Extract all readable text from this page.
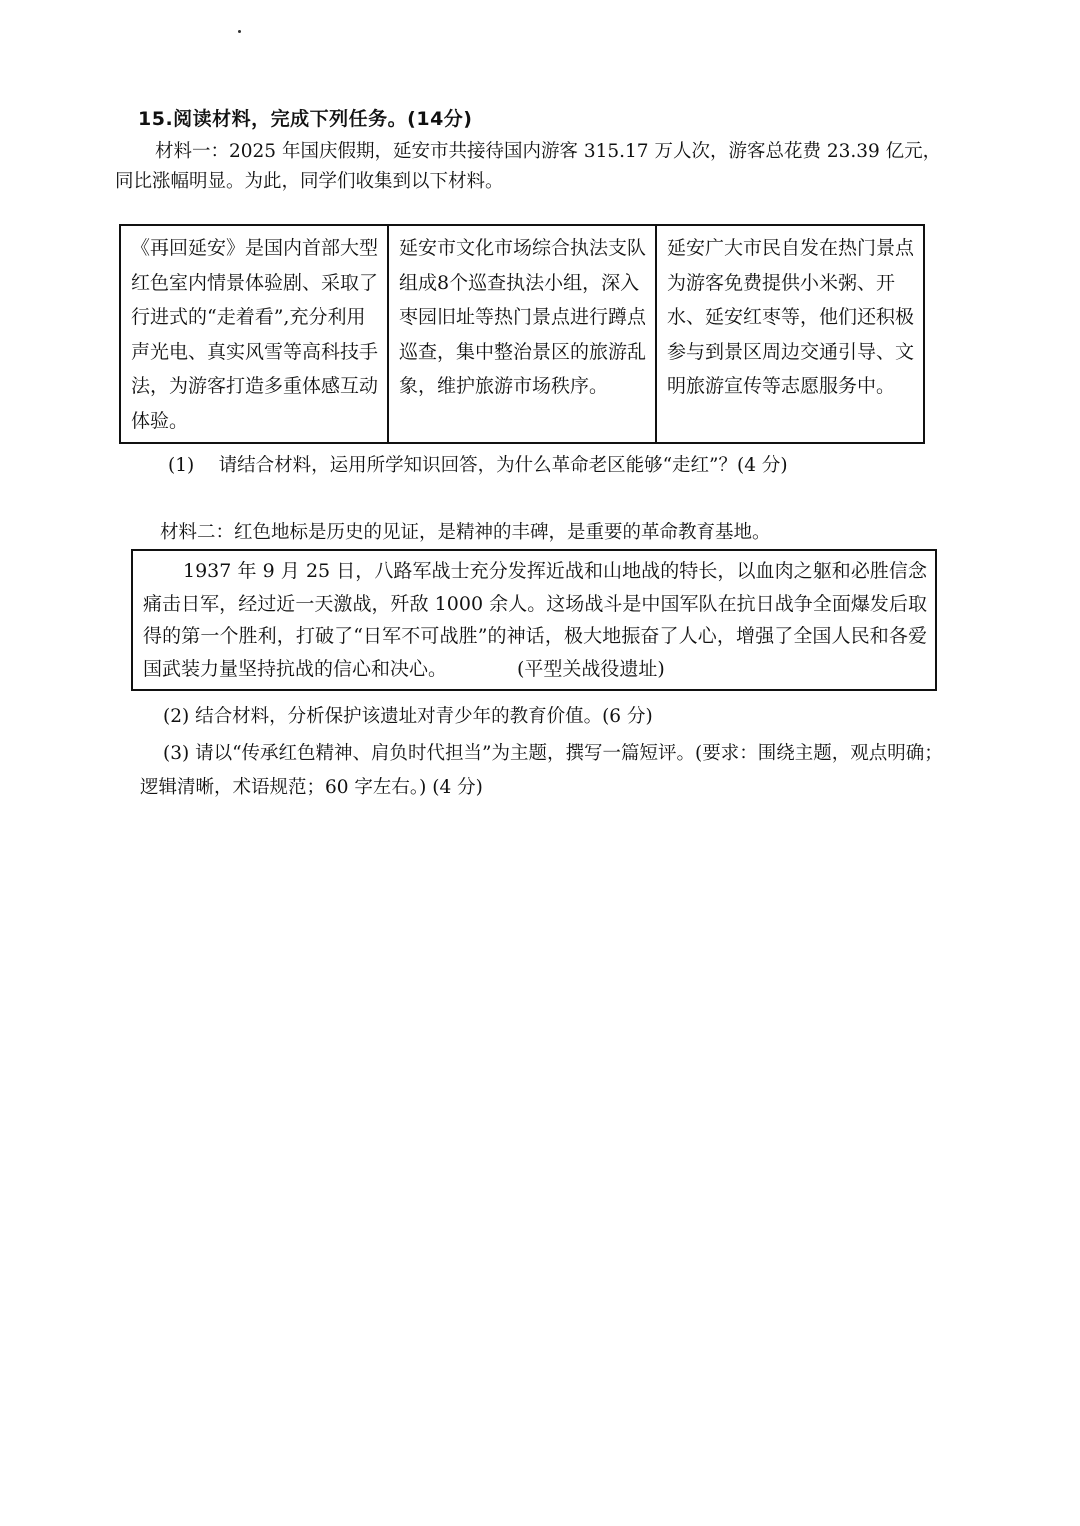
15.阅读材料，完成下列任务。(14分)

材料一：2025 年国庆假期，延安市共接待国内游客 315.17 万人次，游客总花费 23.39 亿元，同比涨幅明显。为此，同学们收集到以下材料。

《再回延安》是国内首部大型红色室内情景体验剧、采取了行进式的“走着看”,充分利用声光电、真实风雪等高科技手法，为游客打造多重体感互动体验。	延安市文化市场综合执法支队组成8个巡查执法小组，深入枣园旧址等热门景点进行蹲点巡查，集中整治景区的旅游乱象，维护旅游市场秩序。	延安广大市民自发在热门景点为游客免费提供小米粥、开水、延安红枣等，他们还积极参与到景区周边交通引导、文明旅游宣传等志愿服务中。
(1)　 请结合材料，运用所学知识回答，为什么革命老区能够“走红”？(4 分)
材料二：红色地标是历史的见证，是精神的丰碑，是重要的革命教育基地。

1937 年 9 月 25 日，八路军战士充分发挥近战和山地战的特长，以血肉之躯和必胜信念痛击日军，经过近一天激战，歼敌 1000 余人。这场战斗是中国军队在抗日战争全面爆发后取得的第一个胜利，打破了“日军不可战胜”的神话，极大地振奋了人心，增强了全国人民和各爱国武装力量坚持抗战的信心和决心。	(平型关战役遗址)

(2) 结合材料，分析保护该遗址对青少年的教育价值。(6 分)
(3) 请以“传承红色精神、肩负时代担当”为主题，撰写一篇短评。(要求：围绕主题，观点明确；逻辑清晰，术语规范；60 字左右。) (4 分)
